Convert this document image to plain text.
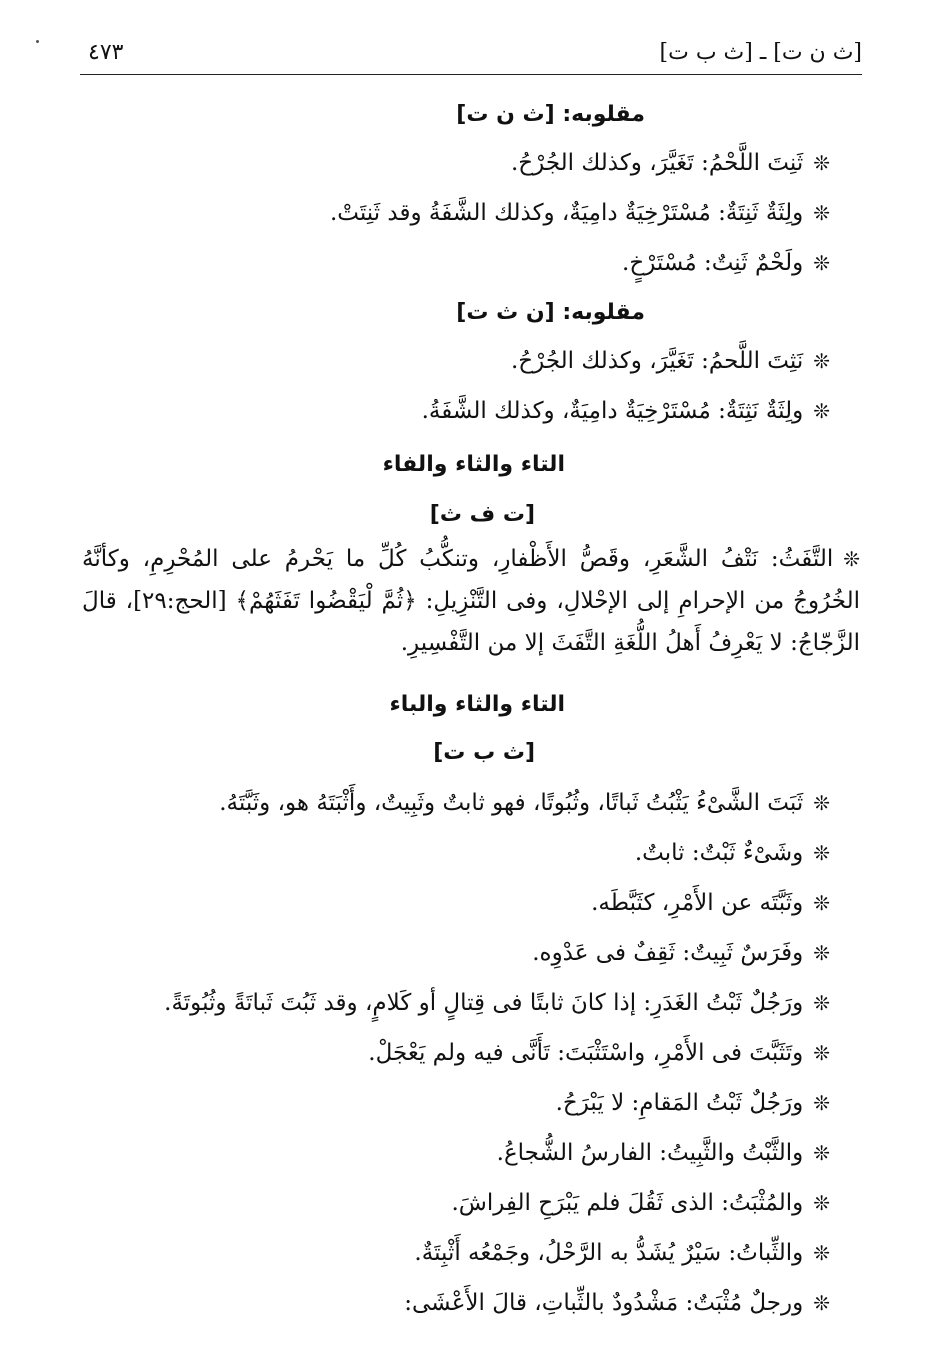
[ث ن ت] ـ [ث ب ت]
٤٧٣
مقلوبه: [ث ن ت]
❊ثَنِتَ اللَّحْمُ: تَغَيَّرَ، وكذلك الجُرْحُ.
❊ولِثَةٌ ثَنِتَةٌ: مُسْتَرْخِيَةٌ دامِيَةٌ، وكذلك الشَّفَةُ وقد ثَنِتَتْ.
❊ولَحْمٌ ثَنِتٌ: مُسْتَرْخٍ.
مقلوبه: [ن ث ت]
❊نَثِتَ اللَّحمُ: تَغَيَّرَ، وكذلك الجُرْحُ.
❊ولِثَةٌ نَثِتَةٌ: مُسْتَرْخِيَةٌ دامِيَةٌ، وكذلك الشَّفَةُ.
التاء والثاء والفاء
[ت ف ث]
❊التَّفَثُ: نَتْفُ الشَّعَرِ، وقَصُّ الأَظْفارِ، وتنكُّبُ كُلِّ ما يَحْرمُ على المُحْرِمِ، وكأنَّهُ الخُرُوجُ من الإحرامِ إلى الإحْلالِ، وفى التَّنْزِيلِ: ﴿ثُمَّ لْيَقْضُوا تَفَثَهُمْ﴾ [الحج:٢٩]، قالَ الزَّجّاجُ: لا يَعْرِفُ أَهلُ اللُّغَةِ التَّفَثَ إلا من التَّفْسِيرِ.
التاء والثاء والباء
[ث ب ت]
❊ثَبَتَ الشَّىْءُ يَثْبُتُ ثَباتًا، وثُبُوتًا، فهو ثابتٌ وثَبِيتٌ، وأَثْبَتَهُ هو، وثَبَّتَهُ.
❊وشَىْءٌ ثَبْتٌ: ثابتٌ.
❊وثَبَّتَه عن الأَمْرِ، كثَبَّطَه.
❊وفَرَسٌ ثَبِيتٌ: ثَقِفٌ فى عَدْوِه.
❊ورَجُلٌ ثَبْتُ الغَدَرِ: إذا كانَ ثابتًا فى قِتالٍ أو كَلامٍ، وقد ثَبُتَ ثَباتَةً وثُبُوتَةً.
❊وتَثَبَّتَ فى الأَمْرِ، واسْتَثْبَتَ: تَأَنَّى فيه ولم يَعْجَلْ.
❊ورَجُلٌ ثَبْتُ المَقامِ: لا يَبْرَحُ.
❊والثَّبْتُ والثَّبِيتُ: الفارسُ الشُّجاعُ.
❊والمُثْبَتُ: الذى ثَقُلَ فلم يَبْرَحِ الفِراشَ.
❊والثِّباتُ: سَيْرٌ يُشَدُّ به الرَّحْلُ، وجَمْعُه أَثْبِتَةٌ.
❊ورجلٌ مُثْبَتٌ: مَشْدُودٌ بالثِّباتِ، قالَ الأَعْشَى:
